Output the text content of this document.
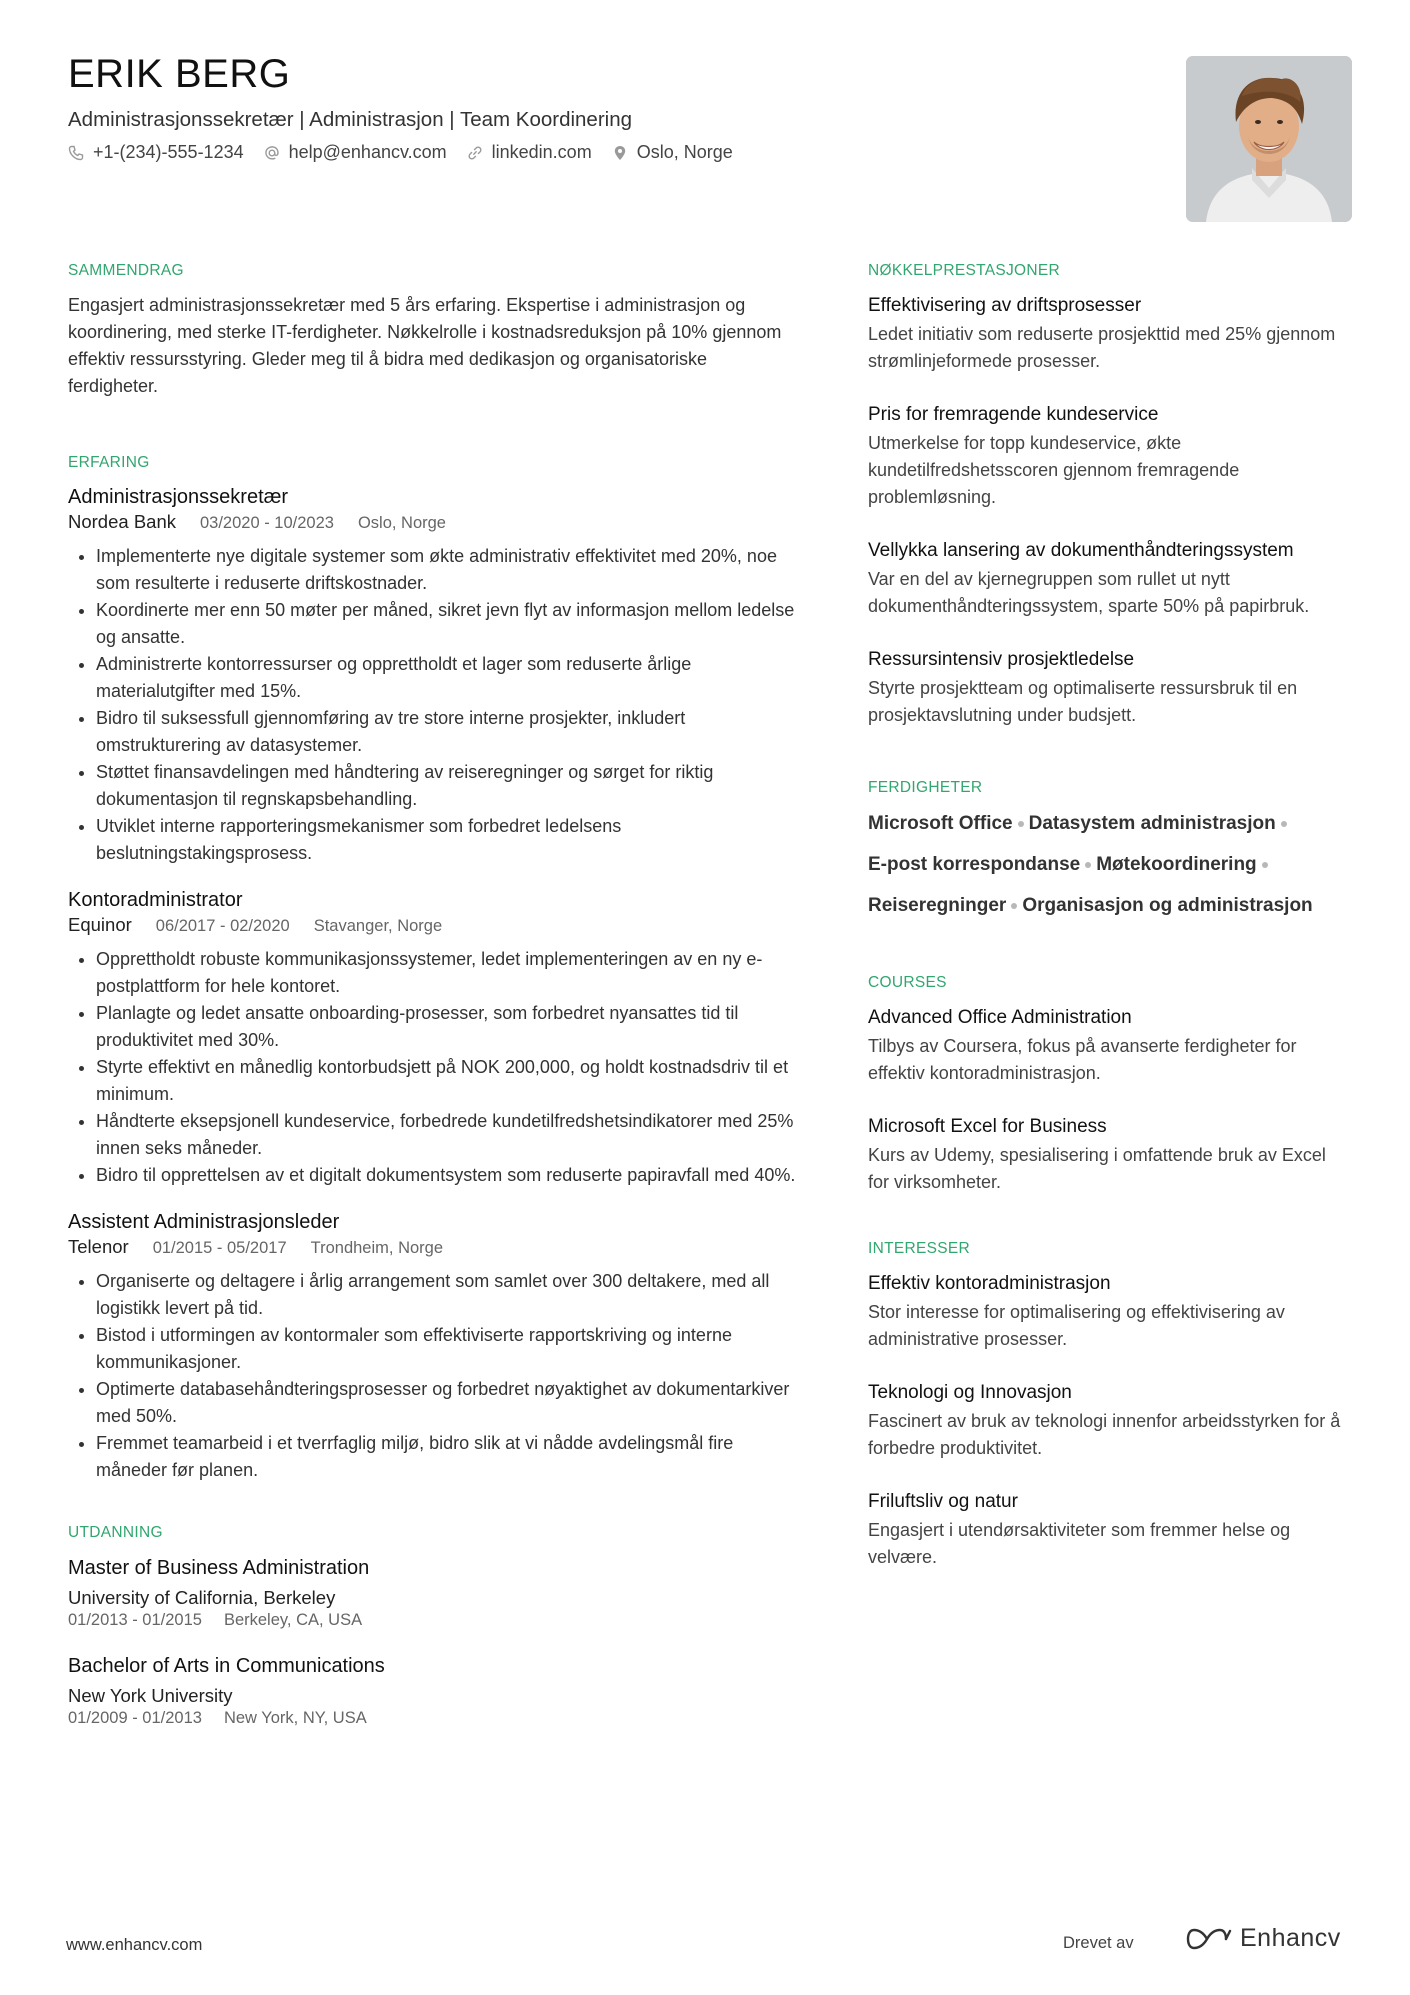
ERIK BERG
Administrasjonssekretær | Administrasjon | Team Koordinering
+1-(234)-555-1234	help@enhancv.com	linkedin.com	Oslo, Norge
SAMMENDRAG

Engasjert administrasjonssekretær med 5 års erfaring. Ekspertise i administrasjon og koordinering, med sterke IT-ferdigheter. Nøkkelrolle i kostnadsreduksjon på 10% gjennom effektiv ressursstyring. Gleder meg til å bidra med dedikasjon og organisatoriske ferdigheter.

ERFARING
Administrasjonssekretær
Nordea Bank 03/2020 - 10/2023 Oslo, Norge
• Implementerte nye digitale systemer som økte administrativ effektivitet med 20%, noe som resulterte i reduserte driftskostnader.
• Koordinerte mer enn 50 møter per måned, sikret jevn flyt av informasjon mellom ledelse og ansatte.
• Administrerte kontorressurser og opprettholdt et lager som reduserte årlige materialutgifter med 15%.
• Bidro til suksessfull gjennomføring av tre store interne prosjekter, inkludert omstrukturering av datasystemer.
• Støttet finansavdelingen med håndtering av reiseregninger og sørget for riktig dokumentasjon til regnskapsbehandling.
• Utviklet interne rapporteringsmekanismer som forbedret ledelsens beslutningstakingsprosess.
Kontoradministrator
Equinor 06/2017 - 02/2020 Stavanger, Norge
• Opprettholdt robuste kommunikasjonssystemer, ledet implementeringen av en ny e-postplattform for hele kontoret.
• Planlagte og ledet ansatte onboarding-prosesser, som forbedret nyansattes tid til produktivitet med 30%.
• Styrte effektivt en månedlig kontorbudsjett på NOK 200,000, og holdt kostnadsdriv til et minimum.
• Håndterte eksepsjonell kundeservice, forbedrede kundetilfredshetsindikatorer med 25% innen seks måneder.
• Bidro til opprettelsen av et digitalt dokumentsystem som reduserte papiravfall med 40%.
Assistent Administrasjonsleder
Telenor 01/2015 - 05/2017 Trondheim, Norge
• Organiserte og deltagere i årlig arrangement som samlet over 300 deltakere, med all logistikk levert på tid.
• Bistod i utformingen av kontormaler som effektiviserte rapportskriving og interne kommunikasjoner.
• Optimerte databasehåndteringsprosesser og forbedret nøyaktighet av dokumentarkiver med 50%.
• Fremmet teamarbeid i et tverrfaglig miljø, bidro slik at vi nådde avdelingsmål fire måneder før planen.
UTDANNING
Master of Business Administration
University of California, Berkeley
01/2013 - 01/2015 Berkeley, CA, USA
Bachelor of Arts in Communications
New York University
01/2009 - 01/2013 New York, NY, USA
NØKKELPRESTASJONER
Effektivisering av driftsprosesser
Ledet initiativ som reduserte prosjekttid med 25% gjennom strømlinjeformede prosesser.
Pris for fremragende kundeservice
Utmerkelse for topp kundeservice, økte kundetilfredshetsscoren gjennom fremragende problemløsning.
Vellykka lansering av dokumenthåndteringssystem
Var en del av kjernegruppen som rullet ut nytt dokumenthåndteringssystem, sparte 50% på papirbruk.
Ressursintensiv prosjektledelse
Styrte prosjektteam og optimaliserte ressursbruk til en prosjektavslutning under budsjett.
FERDIGHETER
Microsoft Office Datasystem administrasjon
E-post korrespondanse Møtekoordinering
Reiseregninger Organisasjon og administrasjon
COURSES
Advanced Office Administration
Tilbys av Coursera, fokus på avanserte ferdigheter for effektiv kontoradministrasjon.
Microsoft Excel for Business
Kurs av Udemy, spesialisering i omfattende bruk av Excel for virksomheter.
INTERESSER
Effektiv kontoradministrasjon
Stor interesse for optimalisering og effektivisering av administrative prosesser.
Teknologi og Innovasjon
Fascinert av bruk av teknologi innenfor arbeidsstyrken for å forbedre produktivitet.
Friluftsliv og natur
Engasjert i utendørsaktiviteter som fremmer helse og velvære.
www.enhancv.com	Drevet av	Enhancv
